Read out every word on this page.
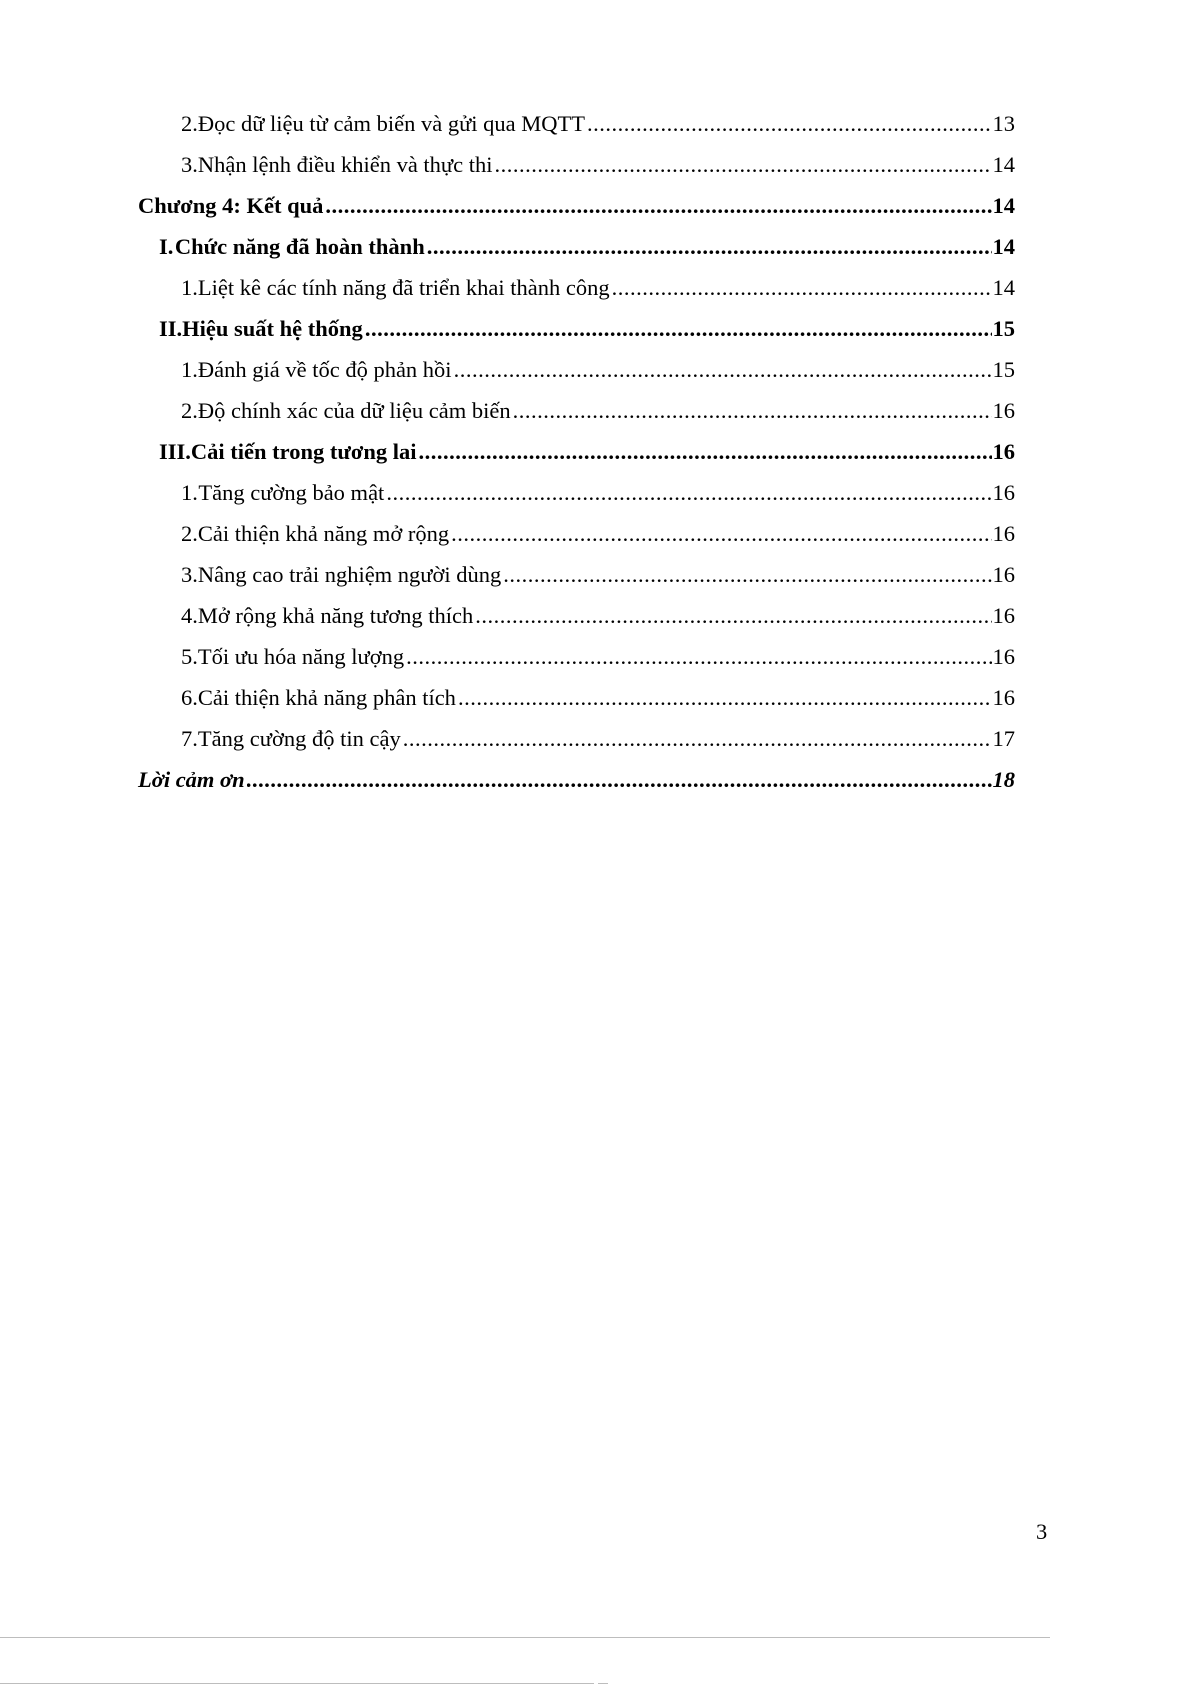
2. Đọc dữ liệu từ cảm biến và gửi qua MQTT .....	13
3. Nhận lệnh điều khiển và thực thi .....	14
Chương 4: Kết quả .....	14
I. Chức năng đã hoàn thành .....	14
1. Liệt kê các tính năng đã triển khai thành công .....	14
II. Hiệu suất hệ thống .....	15
1. Đánh giá về tốc độ phản hồi .....	15
2. Độ chính xác của dữ liệu cảm biến .....	16
III. Cải tiến trong tương lai .....	16
1. Tăng cường bảo mật .....	16
2. Cải thiện khả năng mở rộng .....	16
3. Nâng cao trải nghiệm người dùng .....	16
4. Mở rộng khả năng tương thích .....	16
5. Tối ưu hóa năng lượng .....	16
6. Cải thiện khả năng phân tích .....	16
7. Tăng cường độ tin cậy .....	17
Lời cảm ơn .....	18
3
